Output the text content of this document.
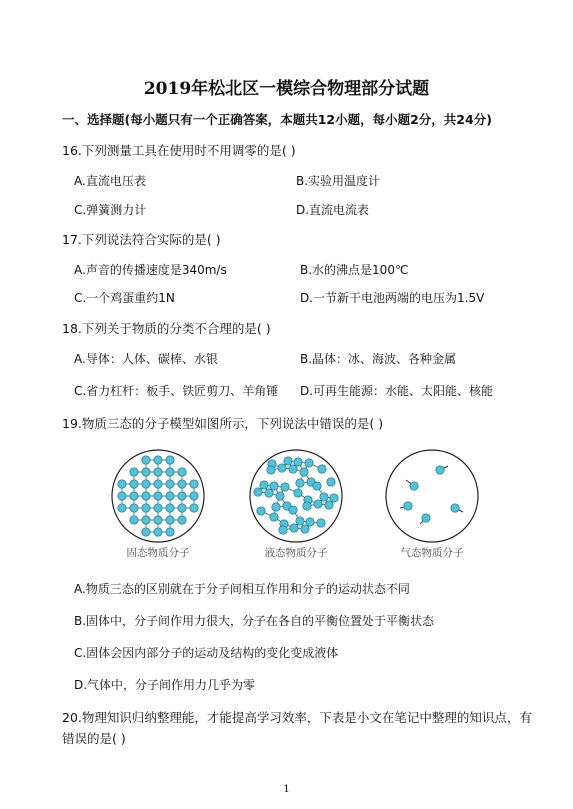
2019年松北区一模综合物理部分试题
一、选择题(每小题只有一个正确答案，本题共12小题，每小题2分，共24分)
16.下列测量工具在使用时不用调零的是( )
A.直流电压表	B.实验用温度计
C.弹簧测力计	D.直流电流表
17.下列说法符合实际的是( )
A.声音的传播速度是340m/s	B.水的沸点是100℃
C.一个鸡蛋重约1N	D.一节新干电池两端的电压为1.5V
18.下列关于物质的分类不合理的是( )
A.导体：人体、碳棒、水银	B.晶体：冰、海波、各种金属
C.省力杠杆：板手、铁匠剪刀、羊角锤 D.可再生能源：水能、太阳能、核能
19.物质三态的分子模型如图所示，下列说法中错误的是( )
固态物质分子	液态物质分子	气态物质分子
A.物质三态的区别就在于分子间相互作用和分子的运动状态不同
B.固体中，分子间作用力很大，分子在各自的平衡位置处于平衡状态
C.固体会因内部分子的运动及结构的变化变成液体
D.气体中，分子间作用力几乎为零
20.物理知识归纳整理能，才能提高学习效率，下表是小文在笔记中整理的知识点，有
错误的是( )
1
